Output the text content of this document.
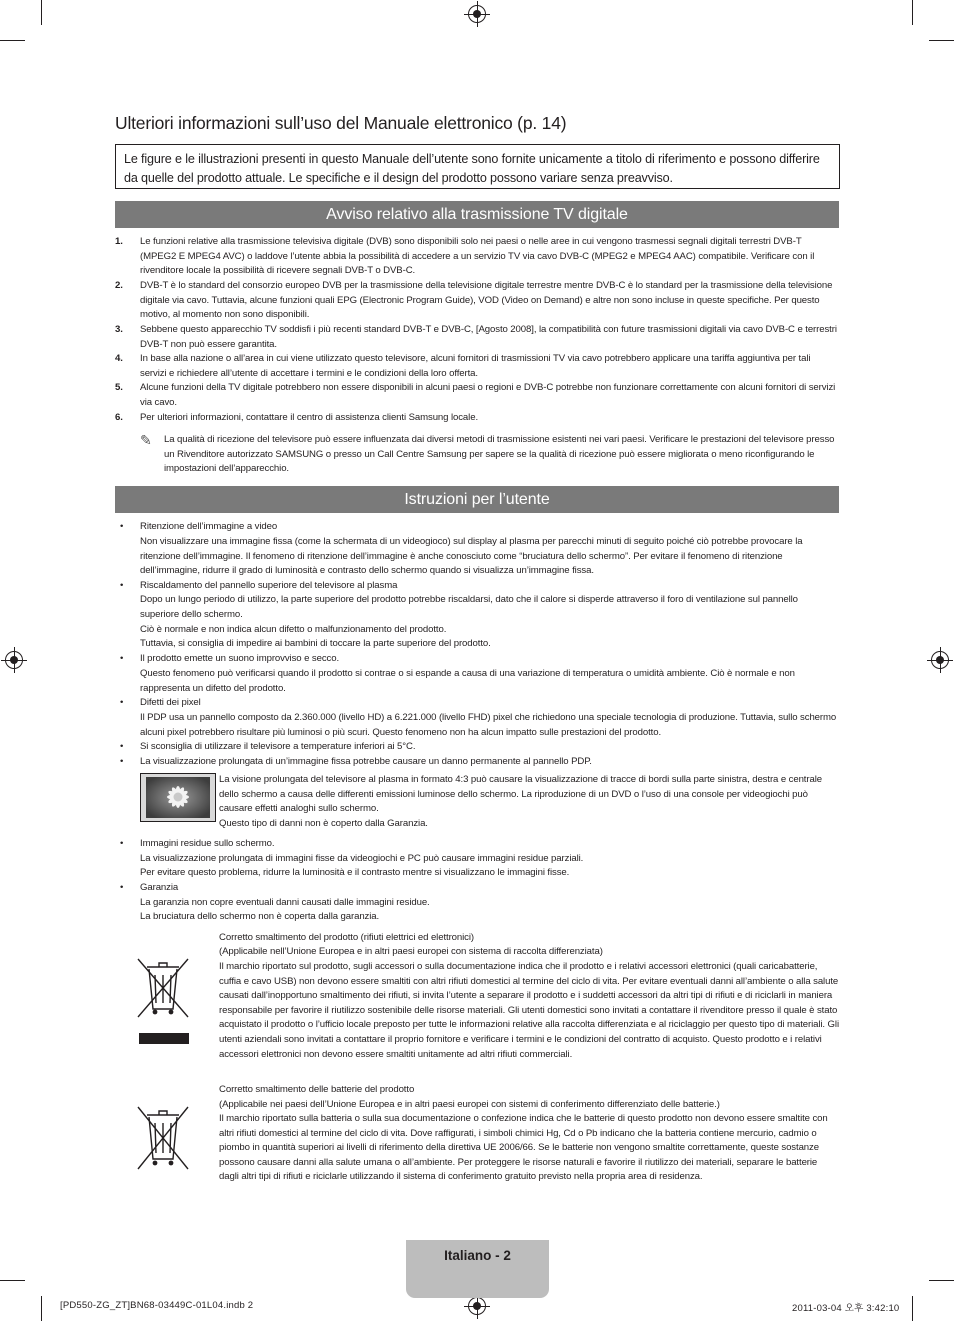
Ulteriori informazioni sull’uso del Manuale elettronico (p. 14)
Le figure e le illustrazioni presenti in questo Manuale dell’utente sono fornite unicamente a titolo di riferimento e possono differire da quelle del prodotto attuale. Le specifiche e il design del prodotto possono variare senza preavviso.
Avviso relativo alla trasmissione TV digitale
1. Le funzioni relative alla trasmissione televisiva digitale (DVB) sono disponibili solo nei paesi o nelle aree in cui vengono trasmessi segnali digitali terrestri DVB-T (MPEG2 E MPEG4 AVC) o laddove l’utente abbia la possibilità di accedere a un servizio TV via cavo DVB-C (MPEG2 e MPEG4 AAC) compatibile. Verificare con il rivenditore locale la possibilità di ricevere segnali DVB-T o DVB-C.
2. DVB-T è lo standard del consorzio europeo DVB per la trasmissione della televisione digitale terrestre mentre DVB-C è lo standard per la trasmissione della televisione digitale via cavo. Tuttavia, alcune funzioni quali EPG (Electronic Program Guide), VOD (Video on Demand) e altre non sono incluse in queste specifiche. Per questo motivo, al momento non sono disponibili.
3. Sebbene questo apparecchio TV soddisfi i più recenti standard DVB-T e DVB-C, [Agosto 2008], la compatibilità con future trasmissioni digitali via cavo DVB-C e terrestri DVB-T non può essere garantita.
4. In base alla nazione o all’area in cui viene utilizzato questo televisore, alcuni fornitori di trasmissioni TV via cavo potrebbero applicare una tariffa aggiuntiva per tali servizi e richiedere all’utente di accettare i termini e le condizioni della loro offerta.
5. Alcune funzioni della TV digitale potrebbero non essere disponibili in alcuni paesi o regioni e DVB-C potrebbe non funzionare correttamente con alcuni fornitori di servizi via cavo.
6. Per ulteriori informazioni, contattare il centro di assistenza clienti Samsung locale.
✎ La qualità di ricezione del televisore può essere influenzata dai diversi metodi di trasmissione esistenti nei vari paesi. Verificare le prestazioni del televisore presso un Rivenditore autorizzato SAMSUNG o presso un Call Centre Samsung per sapere se la qualità di ricezione può essere migliorata o meno riconfigurando le impostazioni dell’apparecchio.
Istruzioni per l’utente
• Ritenzione dell’immagine a video
Non visualizzare una immagine fissa (come la schermata di un videogioco) sul display al plasma per parecchi minuti di seguito poiché ciò potrebbe provocare la ritenzione dell’immagine. Il fenomeno di ritenzione dell’immagine è anche conosciuto come “bruciatura dello schermo”. Per evitare il fenomeno di ritenzione dell’immagine, ridurre il grado di luminosità e contrasto dello schermo quando si visualizza un’immagine fissa.
• Riscaldamento del pannello superiore del televisore al plasma
Dopo un lungo periodo di utilizzo, la parte superiore del prodotto potrebbe riscaldarsi, dato che il calore si disperde attraverso il foro di ventilazione sul pannello superiore dello schermo.
Ciò è normale e non indica alcun difetto o malfunzionamento del prodotto.
Tuttavia, si consiglia di impedire ai bambini di toccare la parte superiore del prodotto.
• Il prodotto emette un suono improvviso e secco.
Questo fenomeno può verificarsi quando il prodotto si contrae o si espande a causa di una variazione di temperatura o umidità ambiente. Ciò è normale e non rappresenta un difetto del prodotto.
• Difetti dei pixel
Il PDP usa un pannello composto da 2.360.000 (livello HD) a 6.221.000 (livello FHD) pixel che richiedono una speciale tecnologia di produzione. Tuttavia, sullo schermo alcuni pixel potrebbero risultare più luminosi o più scuri. Questo fenomeno non ha alcun impatto sulle prestazioni del prodotto.
• Si sconsiglia di utilizzare il televisore a temperature inferiori ai 5°C.
• La visualizzazione prolungata di un’immagine fissa potrebbe causare un danno permanente al pannello PDP.
La visione prolungata del televisore al plasma in formato 4:3 può causare la visualizzazione di tracce di bordi sulla parte sinistra, destra e centrale dello schermo a causa delle differenti emissioni luminose dello schermo. La riproduzione di un DVD o l’uso di una console per videogiochi può causare effetti analoghi sullo schermo.
Questo tipo di danni non è coperto dalla Garanzia.
• Immagini residue sullo schermo.
La visualizzazione prolungata di immagini fisse da videogiochi e PC può causare immagini residue parziali.
Per evitare questo problema, ridurre la luminosità e il contrasto mentre si visualizzano le immagini fisse.
• Garanzia
La garanzia non copre eventuali danni causati dalle immagini residue.
La bruciatura dello schermo non è coperta dalla garanzia.
Corretto smaltimento del prodotto (rifiuti elettrici ed elettronici)
(Applicabile nell’Unione Europea e in altri paesi europei con sistema di raccolta differenziata)
Il marchio riportato sul prodotto, sugli accessori o sulla documentazione indica che il prodotto e i relativi accessori elettronici (quali caricabatterie, cuffia e cavo USB) non devono essere smaltiti con altri rifiuti domestici al termine del ciclo di vita. Per evitare eventuali danni all’ambiente o alla salute causati dall’inopportuno smaltimento dei rifiuti, si invita l’utente a separare il prodotto e i suddetti accessori da altri tipi di rifiuti e di riciclarli in maniera responsabile per favorire il riutilizzo sostenibile delle risorse materiali. Gli utenti domestici sono invitati a contattare il rivenditore presso il quale è stato acquistato il prodotto o l’ufficio locale preposto per tutte le informazioni relative alla raccolta differenziata e al riciclaggio per questo tipo di materiali. Gli utenti aziendali sono invitati a contattare il proprio fornitore e verificare i termini e le condizioni del contratto di acquisto. Questo prodotto e i relativi accessori elettronici non devono essere smaltiti unitamente ad altri rifiuti commerciali.
Corretto smaltimento delle batterie del prodotto
(Applicabile nei paesi dell’Unione Europea e in altri paesi europei con sistemi di conferimento differenziato delle batterie.)
Il marchio riportato sulla batteria o sulla sua documentazione o confezione indica che le batterie di questo prodotto non devono essere smaltite con altri rifiuti domestici al termine del ciclo di vita. Dove raffigurati, i simboli chimici Hg, Cd o Pb indicano che la batteria contiene mercurio, cadmio o piombo in quantità superiori ai livelli di riferimento della direttiva UE 2006/66. Se le batterie non vengono smaltite correttamente, queste sostanze possono causare danni alla salute umana o all’ambiente. Per proteggere le risorse naturali e favorire il riutilizzo dei materiali, separare le batterie dagli altri tipi di rifiuti e riciclarle utilizzando il sistema di conferimento gratuito previsto nella propria area di residenza.
Italiano - 2
[PD550-ZG_ZT]BN68-03449C-01L04.indb 2	2011-03-04 오후 3:42:10
